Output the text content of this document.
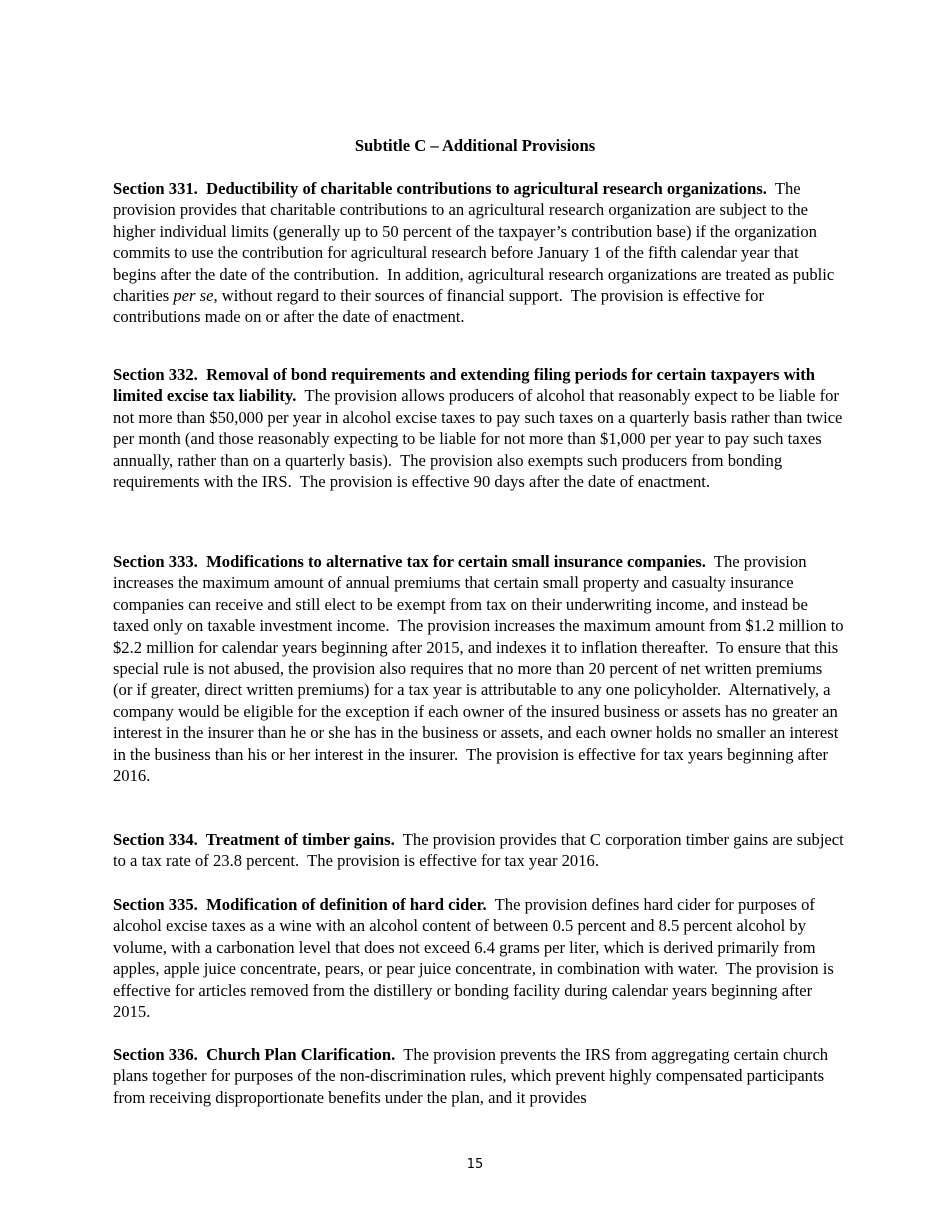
Subtitle C – Additional Provisions
Section 331.  Deductibility of charitable contributions to agricultural research organizations. The provision provides that charitable contributions to an agricultural research organization are subject to the higher individual limits (generally up to 50 percent of the taxpayer’s contribution base) if the organization commits to use the contribution for agricultural research before January 1 of the fifth calendar year that begins after the date of the contribution.  In addition, agricultural research organizations are treated as public charities per se, without regard to their sources of financial support.  The provision is effective for contributions made on or after the date of enactment.
Section 332.  Removal of bond requirements and extending filing periods for certain taxpayers with limited excise tax liability. The provision allows producers of alcohol that reasonably expect to be liable for not more than $50,000 per year in alcohol excise taxes to pay such taxes on a quarterly basis rather than twice per month (and those reasonably expecting to be liable for not more than $1,000 per year to pay such taxes annually, rather than on a quarterly basis).  The provision also exempts such producers from bonding requirements with the IRS.  The provision is effective 90 days after the date of enactment.
Section 333.  Modifications to alternative tax for certain small insurance companies. The provision increases the maximum amount of annual premiums that certain small property and casualty insurance companies can receive and still elect to be exempt from tax on their underwriting income, and instead be taxed only on taxable investment income.  The provision increases the maximum amount from $1.2 million to $2.2 million for calendar years beginning after 2015, and indexes it to inflation thereafter.  To ensure that this special rule is not abused, the provision also requires that no more than 20 percent of net written premiums (or if greater, direct written premiums) for a tax year is attributable to any one policyholder.  Alternatively, a company would be eligible for the exception if each owner of the insured business or assets has no greater an interest in the insurer than he or she has in the business or assets, and each owner holds no smaller an interest in the business than his or her interest in the insurer.  The provision is effective for tax years beginning after 2016.
Section 334.  Treatment of timber gains. The provision provides that C corporation timber gains are subject to a tax rate of 23.8 percent.  The provision is effective for tax year 2016.
Section 335.  Modification of definition of hard cider. The provision defines hard cider for purposes of alcohol excise taxes as a wine with an alcohol content of between 0.5 percent and 8.5 percent alcohol by volume, with a carbonation level that does not exceed 6.4 grams per liter, which is derived primarily from apples, apple juice concentrate, pears, or pear juice concentrate, in combination with water.  The provision is effective for articles removed from the distillery or bonding facility during calendar years beginning after 2015.
Section 336.  Church Plan Clarification. The provision prevents the IRS from aggregating certain church plans together for purposes of the non-discrimination rules, which prevent highly compensated participants from receiving disproportionate benefits under the plan, and it provides
15
